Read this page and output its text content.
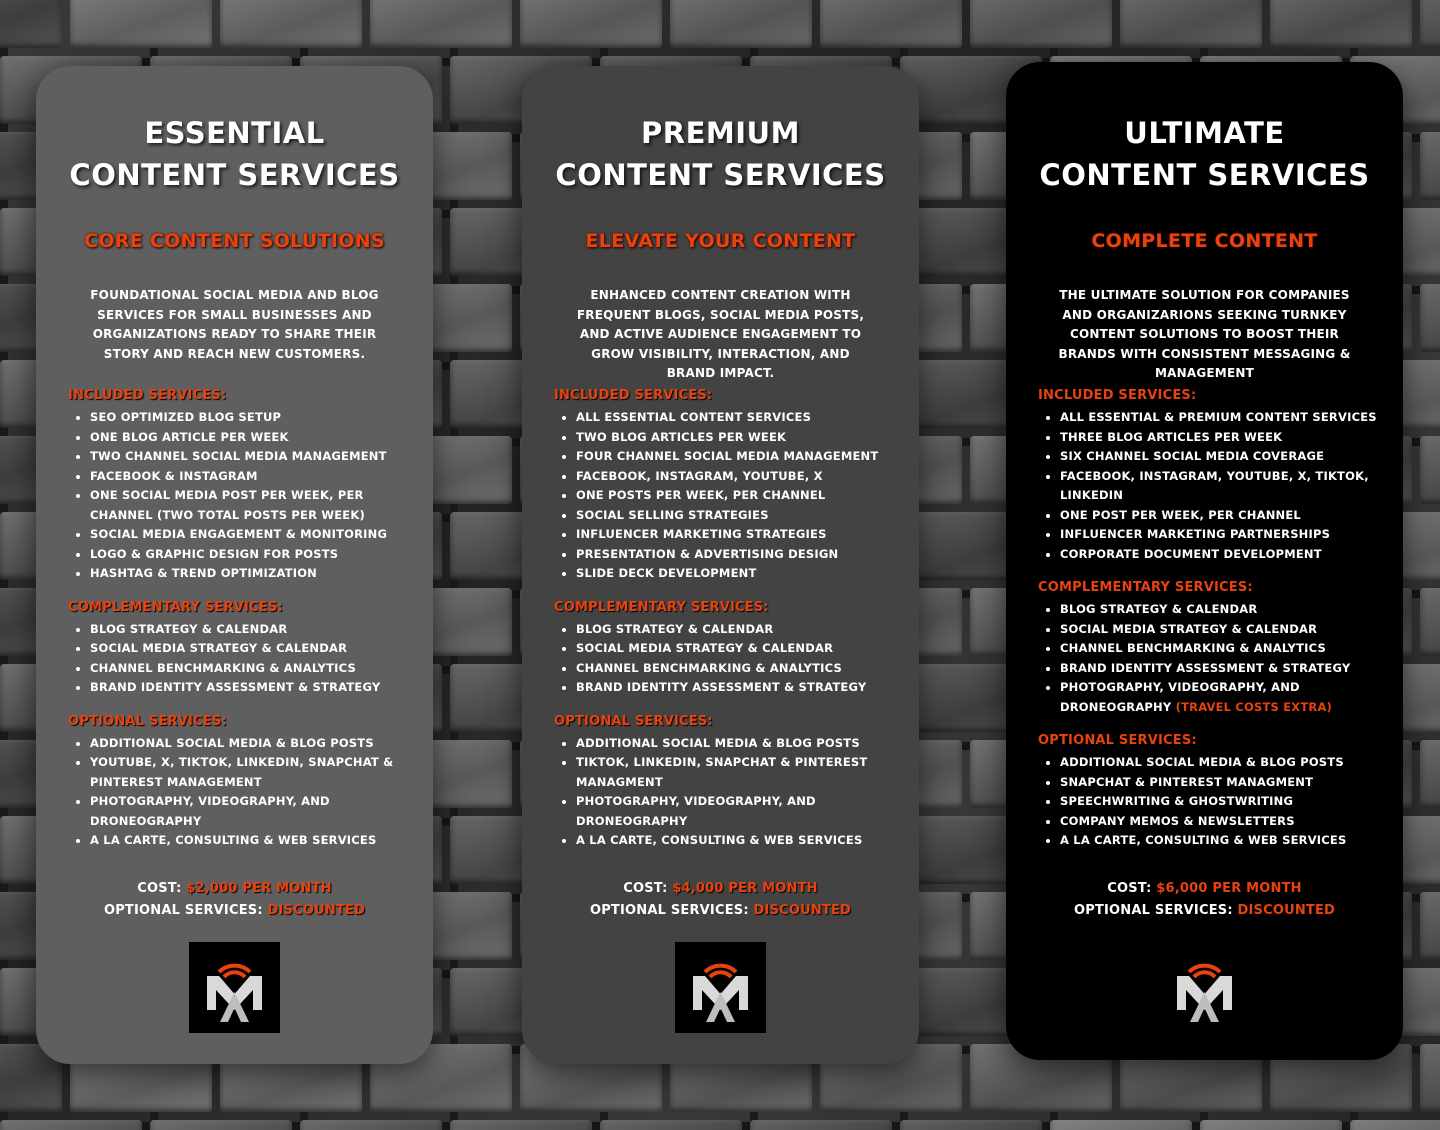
ESSENTIAL
CONTENT SERVICES
CORE CONTENT SOLUTIONS
FOUNDATIONAL SOCIAL MEDIA AND BLOG SERVICES FOR SMALL BUSINESSES AND ORGANIZATIONS READY TO SHARE THEIR STORY AND REACH NEW CUSTOMERS.
INCLUDED SERVICES:
• SEO OPTIMIZED BLOG SETUP
• ONE BLOG ARTICLE PER WEEK
• TWO CHANNEL SOCIAL MEDIA MANAGEMENT
• FACEBOOK & INSTAGRAM
• ONE SOCIAL MEDIA POST PER WEEK, PER CHANNEL (TWO TOTAL POSTS PER WEEK)
• SOCIAL MEDIA ENGAGEMENT & MONITORING
• LOGO & GRAPHIC DESIGN FOR POSTS
• HASHTAG & TREND OPTIMIZATION
COMPLEMENTARY SERVICES:
• BLOG STRATEGY & CALENDAR
• SOCIAL MEDIA STRATEGY & CALENDAR
• CHANNEL BENCHMARKING & ANALYTICS
• BRAND IDENTITY ASSESSMENT & STRATEGY
OPTIONAL SERVICES:
• ADDITIONAL SOCIAL MEDIA & BLOG POSTS
• YOUTUBE, X, TIKTOK, LINKEDIN, SNAPCHAT & PINTEREST MANAGEMENT
• PHOTOGRAPHY, VIDEOGRAPHY, AND DRONEOGRAPHY
• A LA CARTE, CONSULTING & WEB SERVICES
COST: $2,000 PER MONTH
OPTIONAL SERVICES: DISCOUNTED
PREMIUM
CONTENT SERVICES
ELEVATE YOUR CONTENT
ENHANCED CONTENT CREATION WITH FREQUENT BLOGS, SOCIAL MEDIA POSTS, AND ACTIVE AUDIENCE ENGAGEMENT TO GROW VISIBILITY, INTERACTION, AND BRAND IMPACT.
INCLUDED SERVICES:
• ALL ESSENTIAL CONTENT SERVICES
• TWO BLOG ARTICLES PER WEEK
• FOUR CHANNEL SOCIAL MEDIA MANAGEMENT
• FACEBOOK, INSTAGRAM, YOUTUBE, X
• ONE POSTS PER WEEK, PER CHANNEL
• SOCIAL SELLING STRATEGIES
• INFLUENCER MARKETING STRATEGIES
• PRESENTATION & ADVERTISING DESIGN
• SLIDE DECK DEVELOPMENT
COMPLEMENTARY SERVICES:
• BLOG STRATEGY & CALENDAR
• SOCIAL MEDIA STRATEGY & CALENDAR
• CHANNEL BENCHMARKING & ANALYTICS
• BRAND IDENTITY ASSESSMENT & STRATEGY
OPTIONAL SERVICES:
• ADDITIONAL SOCIAL MEDIA & BLOG POSTS
• TIKTOK, LINKEDIN, SNAPCHAT & PINTEREST MANAGMENT
• PHOTOGRAPHY, VIDEOGRAPHY, AND DRONEOGRAPHY
• A LA CARTE, CONSULTING & WEB SERVICES
COST: $4,000 PER MONTH
OPTIONAL SERVICES: DISCOUNTED
ULTIMATE
CONTENT SERVICES
COMPLETE CONTENT
THE ULTIMATE SOLUTION FOR COMPANIES AND ORGANIZARIONS SEEKING TURNKEY CONTENT SOLUTIONS TO BOOST THEIR BRANDS WITH CONSISTENT MESSAGING & MANAGEMENT
INCLUDED SERVICES:
• ALL ESSENTIAL & PREMIUM CONTENT SERVICES
• THREE BLOG ARTICLES PER WEEK
• SIX CHANNEL SOCIAL MEDIA COVERAGE
• FACEBOOK, INSTAGRAM, YOUTUBE, X, TIKTOK, LINKEDIN
• ONE POST PER WEEK, PER CHANNEL
• INFLUENCER MARKETING PARTNERSHIPS
• CORPORATE DOCUMENT DEVELOPMENT
COMPLEMENTARY SERVICES:
• BLOG STRATEGY & CALENDAR
• SOCIAL MEDIA STRATEGY & CALENDAR
• CHANNEL BENCHMARKING & ANALYTICS
• BRAND IDENTITY ASSESSMENT & STRATEGY
• PHOTOGRAPHY, VIDEOGRAPHY, AND DRONEOGRAPHY (TRAVEL COSTS EXTRA)
OPTIONAL SERVICES:
• ADDITIONAL SOCIAL MEDIA & BLOG POSTS
• SNAPCHAT & PINTEREST MANAGMENT
• SPEECHWRITING & GHOSTWRITING
• COMPANY MEMOS & NEWSLETTERS
• A LA CARTE, CONSULTING & WEB SERVICES
COST: $6,000 PER MONTH
OPTIONAL SERVICES: DISCOUNTED
